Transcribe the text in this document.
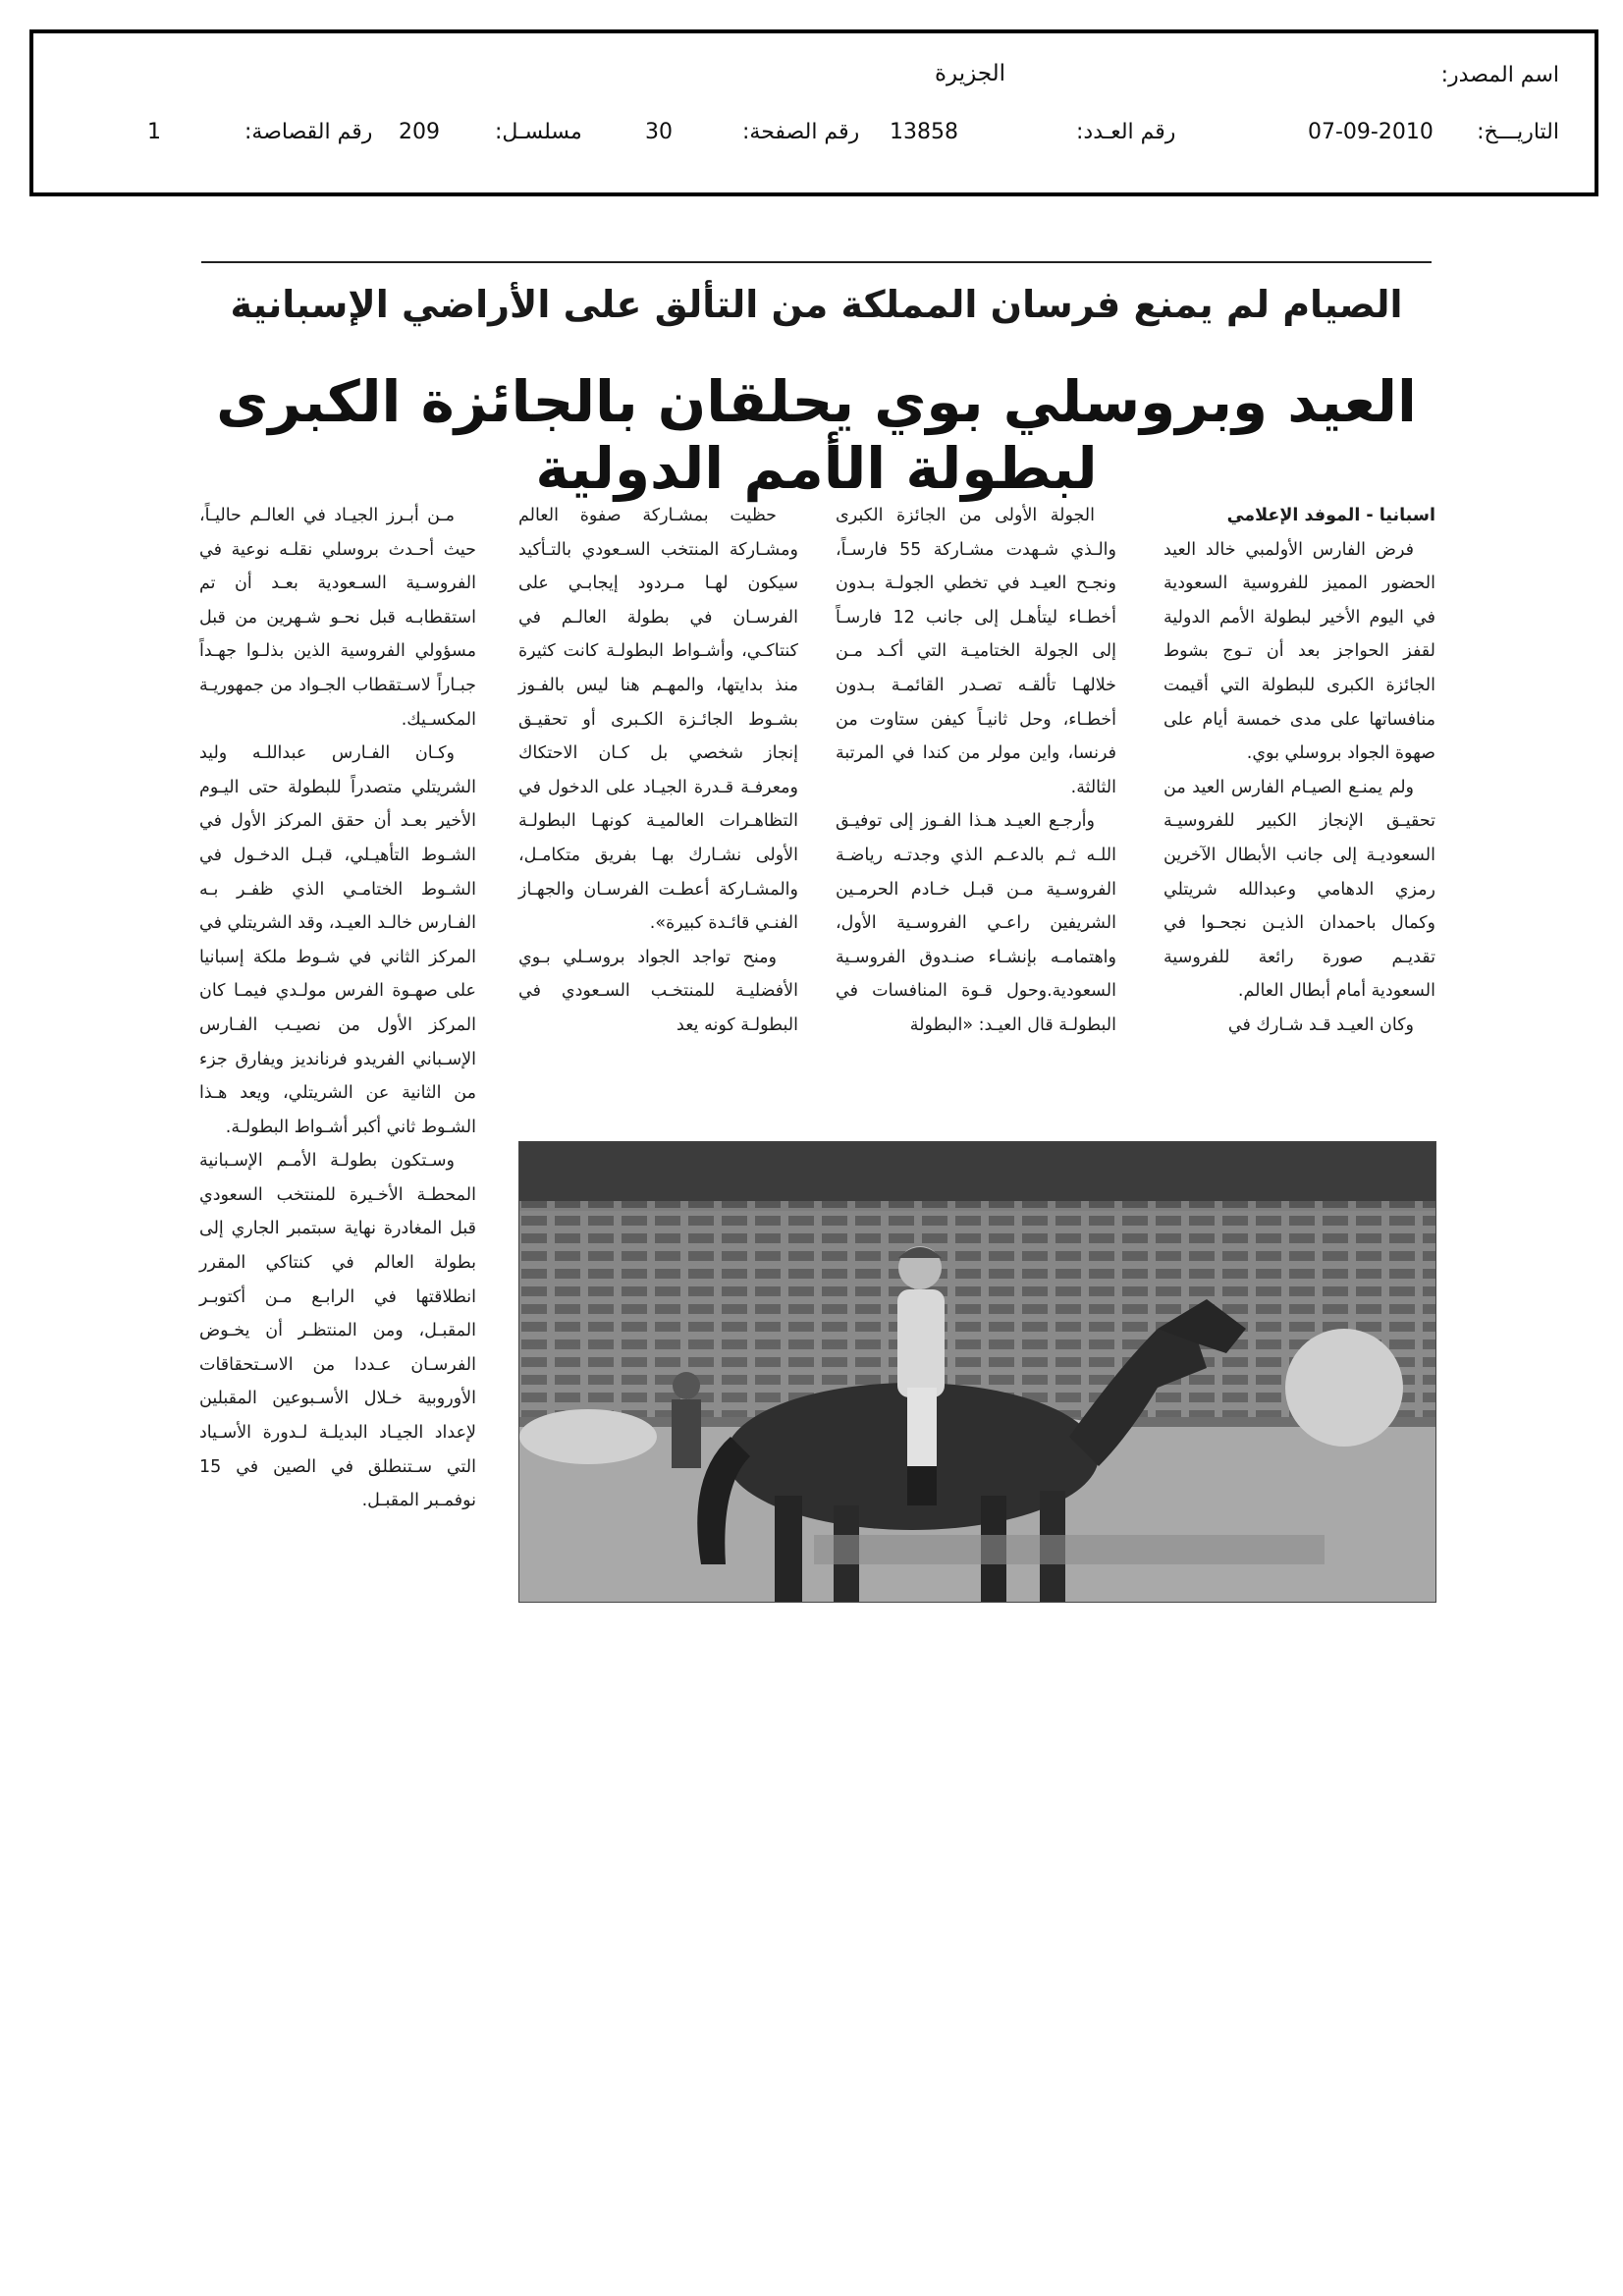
اسم المصدر:
الجزيرة
التاريـــخ:
07-09-2010
رقم العـدد:
13858
رقم الصفحة:
30
مسلسـل:
209
رقم القصاصة:
1
الصيام لم يمنع فرسان المملكة من التألق على الأراضي الإسبانية
العيد وبروسلي بوي يحلقان بالجائزة الكبرى لبطولة الأمم الدولية

اسبانيا - الموفد الإعلامي

فرض الفارس الأولمبي خالد العيد الحضور المميز للفروسية السعودية في اليوم الأخير لبطولة الأمم الدولية لقفز الحواجز بعد أن تـوج بشوط الجائزة الكبرى للبطولة التي أقيمت منافساتها على مدى خمسة أيام على صهوة الجواد بروسلي بوي.

ولم يمنـع الصيـام الفارس العيد من تحقيـق الإنجاز الكبير للفروسيـة السعوديـة إلى جانب الأبطال الآخرين رمزي الدهامي وعبدالله شريتلي وكمال باحمدان الذيـن نجحـوا في تقديـم صورة رائعة للفروسية السعودية أمام أبطال العالم.

وكان العيـد قـد شـارك في

الجولة الأولى من الجائزة الكبرى والـذي شـهدت مشـاركة 55 فارسـاً، ونجـح العيـد في تخطي الجولـة بـدون أخطـاء ليتأهـل إلى جانب 12 فارسـاً إلى الجولة الختاميـة التي أكـد مـن خلالهـا تألقـه تصـدر القائمـة بـدون أخطـاء، وحل ثانيـاً كيفن ستاوت من فرنسا، واين مولر من كندا في المرتبة الثالثة.

وأرجـع العيـد هـذا الفـوز إلى توفيـق اللـه ثـم بالدعـم الذي وجدتـه رياضـة الفروسـية مـن قبـل خـادم الحرمـين الشريفين راعـي الفروسـية الأول، واهتمامـه بإنشـاء صنـدوق الفروسـية السعودية.وحول قـوة المنافسات في البطولـة قال العيـد: «البطولة

حظيت بمشـاركة صفوة العالم ومشـاركة المنتخب السـعودي بالتـأكيد سيكون لهـا مـردود إيجابـي على الفرسـان في بطولة العالـم في كنتاكـي، وأشـواط البطولـة كانت كثيرة منذ بدايتها، والمهـم هنا ليس بالفـوز بشـوط الجائـزة الكـبرى أو تحقيـق إنجاز شخصي بل كـان الاحتكاك ومعرفـة قـدرة الجيـاد على الدخول في التظاهـرات العالميـة كونهـا البطولـة الأولى نشـارك بهـا بفريق متكامـل، والمشـاركة أعطـت الفرسـان والجهـاز الفنـي قائـدة كبيرة».

ومنح تواجد الجواد بروسـلي بـوي الأفضليـة للمنتخـب السـعودي في البطولـة كونه يعد

مـن أبـرز الجيـاد في العالـم حاليـاً، حيث أحـدث بروسلي نقلـه نوعية في الفروسـية السـعودية بعـد أن تم استقطابـه قبل نحـو شـهرين من قبل مسؤولي الفروسية الذين بذلـوا جهـداً جبـاراً لاسـتقطاب الجـواد من جمهوريـة المكسـيك.

وكـان الفـارس عبداللـه وليد الشريتلي متصدراً للبطولة حتى اليـوم الأخير بعـد أن حقق المركز الأول في الشـوط التأهيـلي، قبـل الدخـول في الشـوط الختامـي الذي ظفـر بـه الفـارس خالـد العيـد، وقد الشريتلي في المركز الثاني في شـوط ملكة إسبانيا على صهـوة الفرس مولـدي فيمـا كان المركز الأول من نصيـب الفـارس الإسـباني الفريدو فرنانديز ويفارق جزء من الثانية عن الشريتلي، ويعد هـذا الشـوط ثاني أكبر أشـواط البطولـة.

وسـتكون بطولـة الأمـم الإسـبانية المحطـة الأخـيرة للمنتخب السعودي قبل المغادرة نهاية سبتمبر الجاري إلى بطولة العالم في كنتاكي المقرر انطلاقتها في الرابـع مـن أكتوبـر المقبـل، ومن المنتظـر أن يخـوض الفرسـان عـددا من الاسـتحقاقات الأوروبية خـلال الأسـبوعين المقبلين لإعداد الجيـاد البديلـة لـدورة الأسـياد التي سـتنطلق في الصين في 15 نوفمـبر المقبـل.
